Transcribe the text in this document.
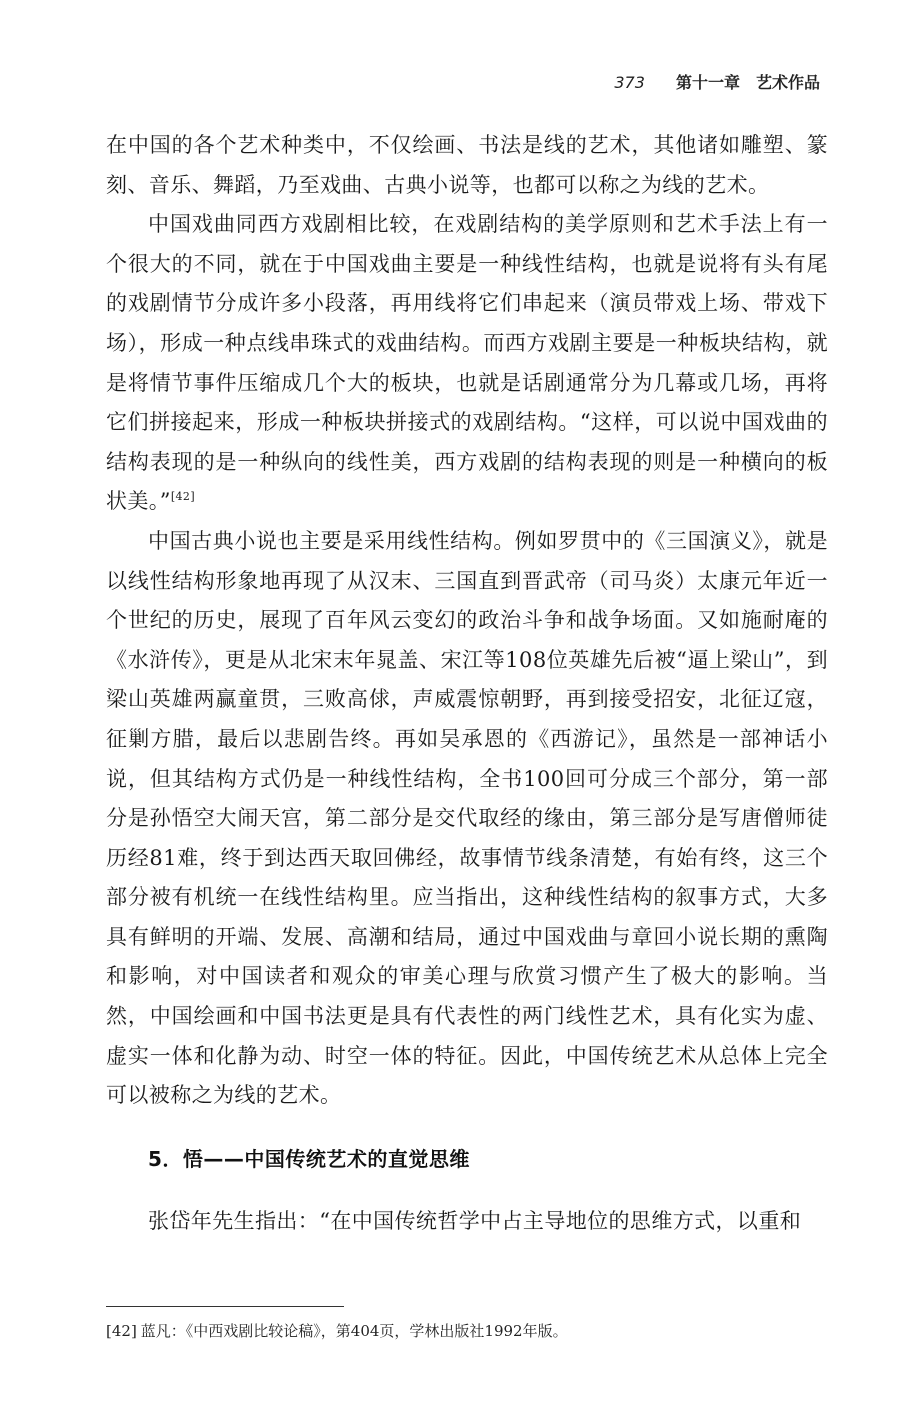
373 第十一章　艺术作品

在中国的各个艺术种类中，不仅绘画、书法是线的艺术，其他诸如雕塑、篆刻、音乐、舞蹈，乃至戏曲、古典小说等，也都可以称之为线的艺术。

中国戏曲同西方戏剧相比较，在戏剧结构的美学原则和艺术手法上有一个很大的不同，就在于中国戏曲主要是一种线性结构，也就是说将有头有尾的戏剧情节分成许多小段落，再用线将它们串起来（演员带戏上场、带戏下场），形成一种点线串珠式的戏曲结构。而西方戏剧主要是一种板块结构，就是将情节事件压缩成几个大的板块，也就是话剧通常分为几幕或几场，再将它们拼接起来，形成一种板块拼接式的戏剧结构。“这样，可以说中国戏曲的结构表现的是一种纵向的线性美，西方戏剧的结构表现的则是一种横向的板状美。”[42]

中国古典小说也主要是采用线性结构。例如罗贯中的《三国演义》，就是以线性结构形象地再现了从汉末、三国直到晋武帝（司马炎）太康元年近一个世纪的历史，展现了百年风云变幻的政治斗争和战争场面。又如施耐庵的《水浒传》，更是从北宋末年晁盖、宋江等108位英雄先后被“逼上梁山”，到梁山英雄两赢童贯，三败高俅，声威震惊朝野，再到接受招安，北征辽寇，征剿方腊，最后以悲剧告终。再如吴承恩的《西游记》，虽然是一部神话小说，但其结构方式仍是一种线性结构，全书100回可分成三个部分，第一部分是孙悟空大闹天宫，第二部分是交代取经的缘由，第三部分是写唐僧师徒历经81难，终于到达西天取回佛经，故事情节线条清楚，有始有终，这三个部分被有机统一在线性结构里。应当指出，这种线性结构的叙事方式，大多具有鲜明的开端、发展、高潮和结局，通过中国戏曲与章回小说长期的熏陶和影响，对中国读者和观众的审美心理与欣赏习惯产生了极大的影响。当然，中国绘画和中国书法更是具有代表性的两门线性艺术，具有化实为虚、虚实一体和化静为动、时空一体的特征。因此，中国传统艺术从总体上完全可以被称之为线的艺术。

5．悟——中国传统艺术的直觉思维

张岱年先生指出：“在中国传统哲学中占主导地位的思维方式，以重和

[42] 蓝凡：《中西戏剧比较论稿》，第404页，学林出版社1992年版。
